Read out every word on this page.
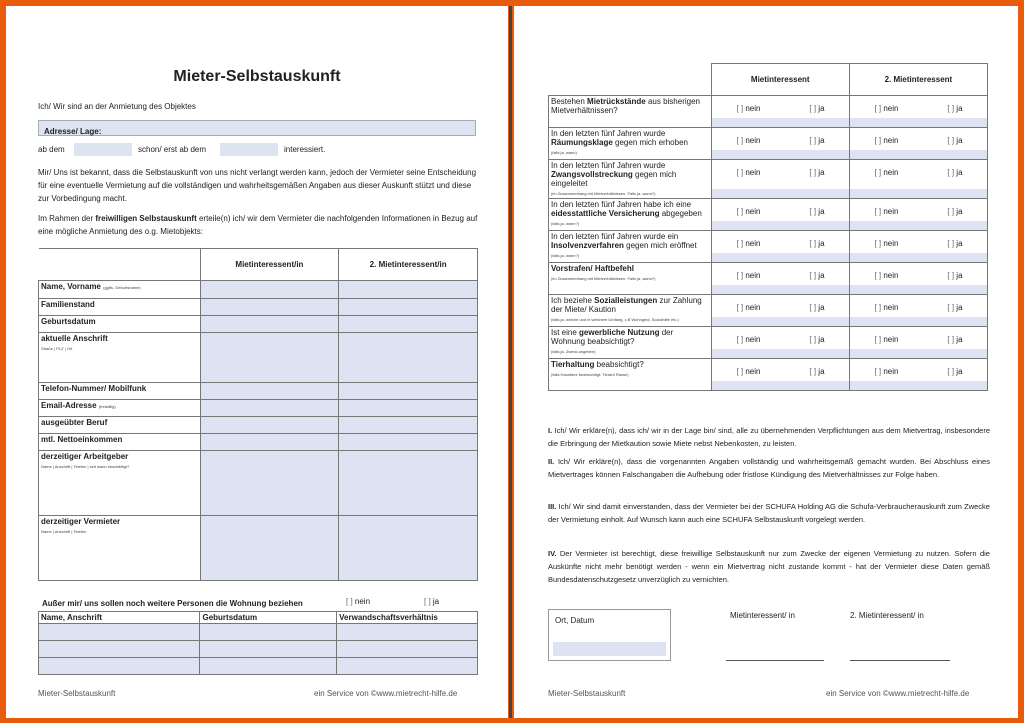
Mieter-Selbstauskunft
Ich/ Wir sind an der Anmietung des Objektes
Adresse/ Lage:
ab dem	schon/ erst ab dem	interessiert.
Mir/ Uns ist bekannt, dass die Selbstauskunft von uns nicht verlangt werden kann, jedoch der Vermieter seine Entscheidung für eine eventuelle Vermietung auf die vollständigen und wahrheitsgemäßen Angaben aus dieser Auskunft stützt und diese zur Vorbedingung macht.
Im Rahmen der freiwilligen Selbstauskunft erteile(n) ich/ wir dem Vermieter die nachfolgenden Informationen in Bezug auf eine mögliche Anmietung des o.g. Mietobjekts:
	Mietinteressent/in	2. Mietinteressent/in
Name, Vorname (ggfls. Geburtsname)		
Familienstand		
Geburtsdatum		
aktuelle Anschrift
Straße | PLZ | Ort		
Telefon-Nummer/ Mobilfunk		
Email-Adresse (freiwillig)		
ausgeübter Beruf		
mtl. Nettoeinkommen		
derzeitiger Arbeitgeber
Name | Anschrift | Telefon | seit wann beschäftigt?		
derzeitiger Vermieter
Name | Anschrift | Telefon		
Außer mir/ uns sollen noch weitere Personen die Wohnung beziehen	[ ] nein	[ ] ja
Name, Anschrift	Geburtsdatum	Verwandschaftsverhältnis

Mieter-Selbstauskunft	ein Service von ©www.mietrecht-hilfe.de
	Mietinteressent	2. Mietinteressent
Bestehen Mietrückstände aus bisherigen Mietverhältnissen?	[ ] nein [ ] ja	[ ] nein [ ] ja

In den letzten fünf Jahren wurde Räumungsklage gegen mich erhoben
(falls ja, wann)	[ ] nein [ ] ja	[ ] nein [ ] ja

In den letzten fünf Jahren wurde Zwangsvollstreckung gegen mich eingeleitet
(im Zusammenhang mit Mietverhältnissen. Falls ja, wann?)	[ ] nein [ ] ja	[ ] nein [ ] ja

In den letzten fünf Jahren habe ich eine eidesstattliche Versicherung abgegeben
(falls ja, wann?)	[ ] nein [ ] ja	[ ] nein [ ] ja

In den letzten fünf Jahren wurde ein Insolvenzverfahren gegen mich eröffnet
(falls ja, wann?)	[ ] nein [ ] ja	[ ] nein [ ] ja

Vorstrafen/ Haftbefehl
(im Zusammenhang mit Mietverhältnissen. Falls ja, wann?)	[ ] nein [ ] ja	[ ] nein [ ] ja

Ich beziehe Sozialleistungen zur Zahlung der Miete/ Kaution
(falls ja, welche und in welchem Umfang, z.B Wohngeld, Sozialhilfe etc.)	[ ] nein [ ] ja	[ ] nein [ ] ja

Ist eine gewerbliche Nutzung der Wohnung beabsichtigt?
(falls ja, Zweck angeben)	[ ] nein [ ] ja	[ ] nein [ ] ja

Tierhaltung beabsichtigt?
(falls Haustiere beabsichtigt: Tierart/ Rasse)	[ ] nein [ ] ja	[ ] nein [ ] ja
I. Ich/ Wir erkläre(n), dass ich/ wir in der Lage bin/ sind, alle zu übernehmenden Verpflichtungen aus dem Mietvertrag, insbesondere die Erbringung der Mietkaution sowie Miete nebst Nebenkosten, zu leisten.
II. Ich/ Wir erkläre(n), dass die vorgenannten Angaben vollständig und wahrheitsgemäß gemacht wurden. Bei Abschluss eines Mietvertrages können Falschangaben die Aufhebung oder fristlose Kündigung des Mietverhältnisses zur Folge haben.
III. Ich/ Wir sind damit einverstanden, dass der Vermieter bei der SCHUFA Holding AG die Schufa-Verbraucherauskunft zum Zwecke der Vermietung einholt. Auf Wunsch kann auch eine SCHUFA Selbstauskunft vorgelegt werden.
IV. Der Vermieter ist berechtigt, diese freiwillige Selbstauskunft nur zum Zwecke der eigenen Vermietung zu nutzen. Sofern die Auskünfte nicht mehr benötigt werden - wenn ein Mietvertrag nicht zustande kommt - hat der Vermieter diese Daten gemäß Bundesdatenschutzgesetz unverzüglich zu vernichten.
Ort, Datum
Mietinteressent/ in	2. Mietinteressent/ in
Mieter-Selbstauskunft	ein Service von ©www.mietrecht-hilfe.de
